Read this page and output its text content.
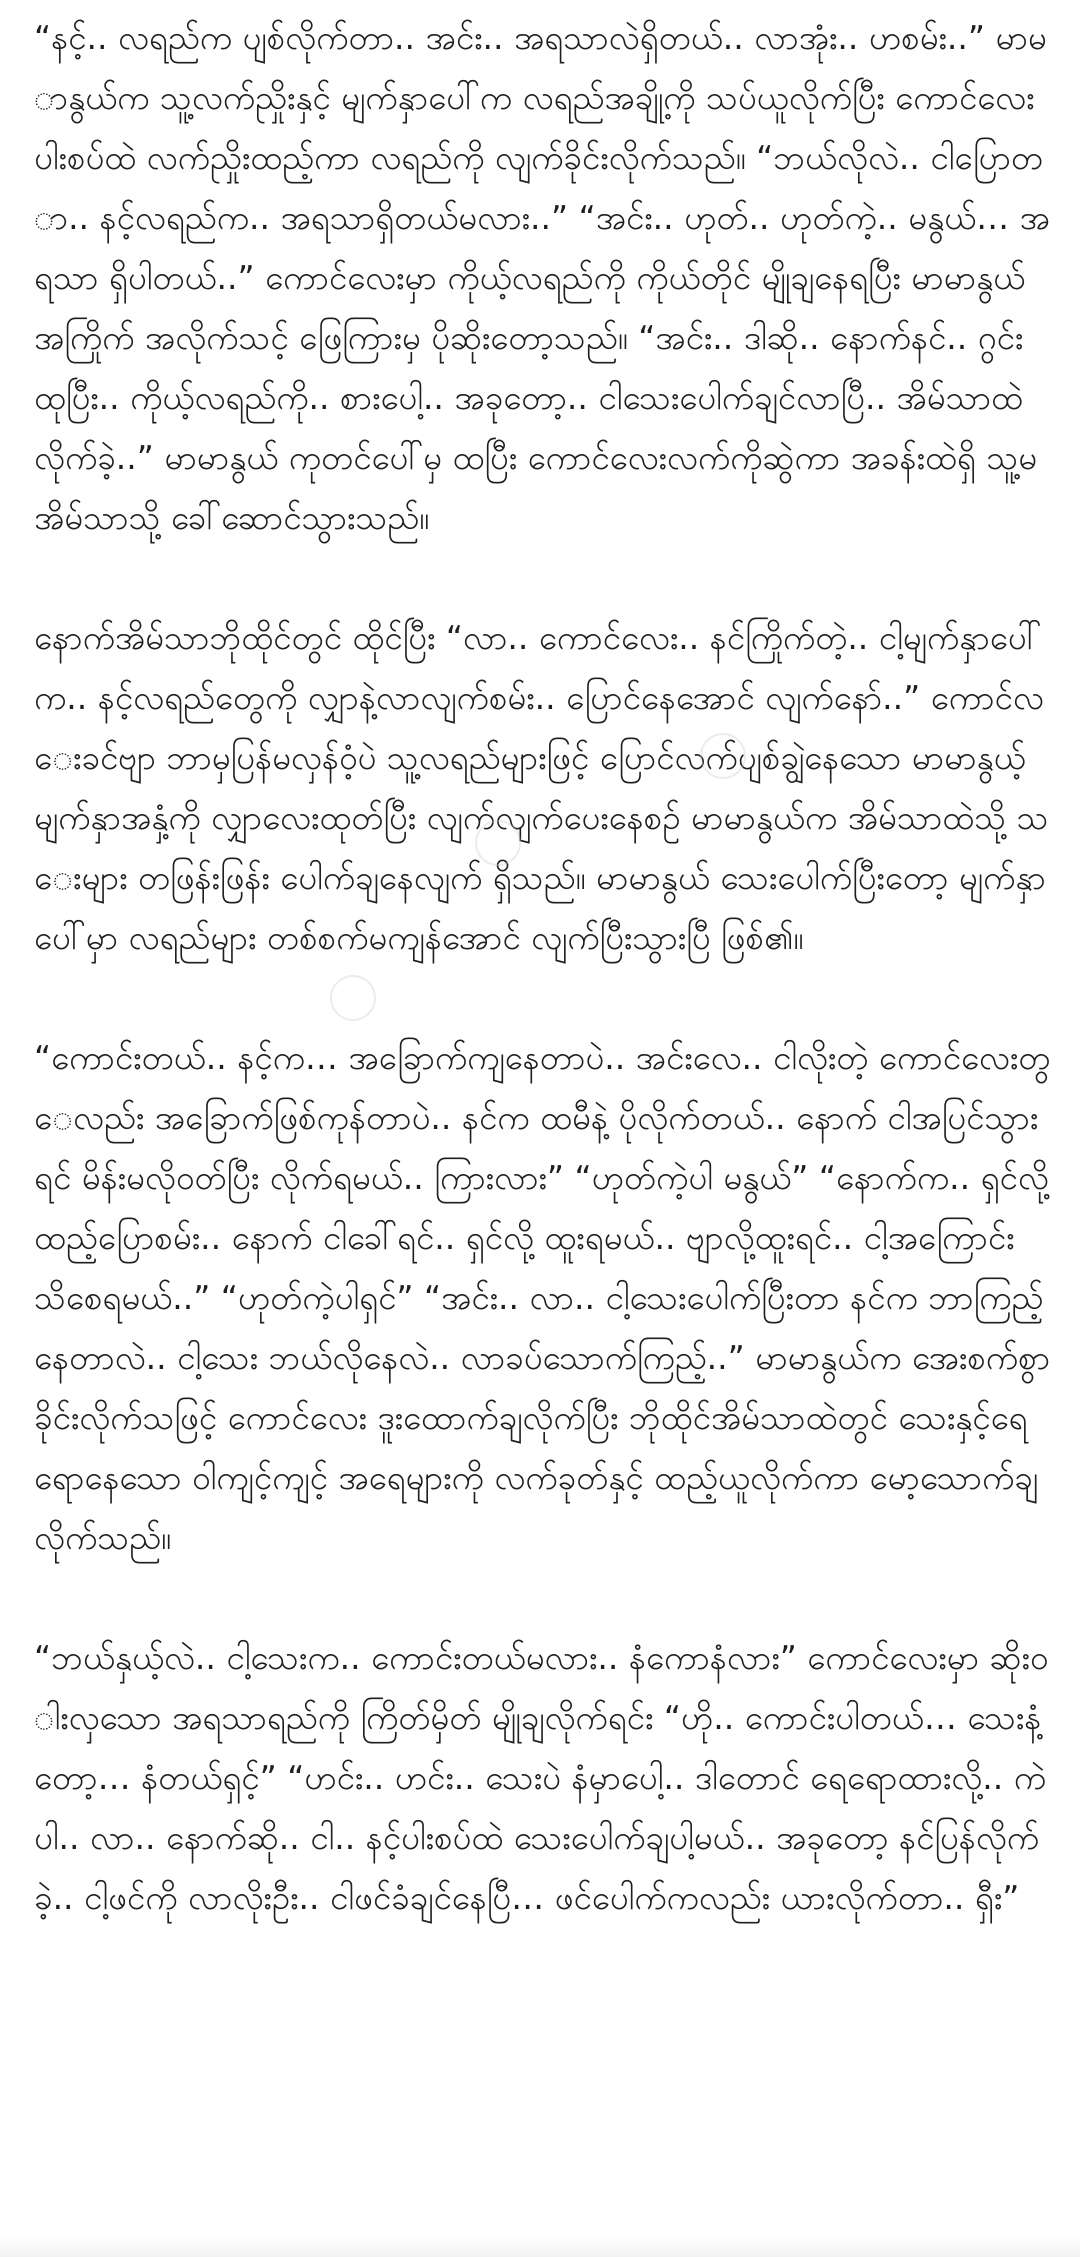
“နင့်.. လရည်က ပျစ်လိုက်တာ.. အင်း.. အရသာလဲရှိတယ်.. လာအုံး.. ဟစမ်း..” မာမာနွယ်က သူ့လက်ညှိုးနှင့် မျက်နှာပေါ်က လရည်အချို့ကို သပ်ယူလိုက်ပြီး ကောင်လေးပါးစပ်ထဲ လက်ညှိုးထည့်ကာ လရည်ကို လျက်ခိုင်းလိုက်သည်။ “ဘယ်လိုလဲ.. ငါပြောတာ.. နင့်လရည်က.. အရသာရှိတယ်မလား..” “အင်း.. ဟုတ်.. ဟုတ်ကဲ့.. မနွယ်… အရသာ ရှိပါတယ်..” ကောင်လေးမှာ ကိုယ့်လရည်ကို ကိုယ်တိုင် မျိုချနေရပြီး မာမာနွယ်အကြိုက် အလိုက်သင့် ဖြေကြားမှ ပိုဆိုးတော့သည်။ “အင်း.. ဒါဆို.. နောက်နင်.. ဂွင်းထုပြီး.. ကိုယ့်လရည်ကို.. စားပေါ့.. အခုတော့.. ငါသေးပေါက်ချင်လာပြီ.. အိမ်သာထဲလိုက်ခဲ့..” မာမာနွယ် ကုတင်ပေါ်မှ ထပြီး ကောင်လေးလက်ကိုဆွဲကာ အခန်းထဲရှိ သူ့မအိမ်သာသို့ ခေါ်ဆောင်သွားသည်။

နောက်အိမ်သာဘိုထိုင်တွင် ထိုင်ပြီး “လာ.. ကောင်လေး.. နင်ကြိုက်တဲ့.. ငါ့မျက်နှာပေါ်က.. နင့်လရည်တွေကို လျှာနဲ့လာလျက်စမ်း.. ပြောင်နေအောင် လျက်နော်..” ကောင်လေးခင်ဗျာ ဘာမှပြန်မလှန်ဝံ့ပဲ သူ့လရည်များဖြင့် ပြောင်လက်ပျစ်ချွဲနေသော မာမာနွယ့် မျက်နှာအနှံ့ကို လျှာလေးထုတ်ပြီး လျက်လျက်ပေးနေစဉ် မာမာနွယ်က အိမ်သာထဲသို့ သေးများ တဖြန်းဖြန်း ပေါက်ချနေလျက် ရှိသည်။ မာမာနွယ် သေးပေါက်ပြီးတော့ မျက်နှာပေါ်မှာ လရည်များ တစ်စက်မကျန်အောင် လျက်ပြီးသွားပြီ ဖြစ်၏။

“ကောင်းတယ်.. နင့်က… အခြောက်ကျနေတာပဲ.. အင်းလေ.. ငါလိုးတဲ့ ကောင်လေးတွေလည်း အခြောက်ဖြစ်ကုန်တာပဲ.. နင်က ထမီနဲ့ ပိုလိုက်တယ်.. နောက် ငါအပြင်သွားရင် မိန်းမလိုဝတ်ပြီး လိုက်ရမယ်.. ကြားလား” “ဟုတ်ကဲ့ပါ မနွယ်” “နောက်က.. ရှင်လို့ထည့်ပြောစမ်း.. နောက် ငါခေါ်ရင်.. ရှင်လို့ ထူးရမယ်.. ဗျာလို့ထူးရင်.. ငါ့အကြောင်း သိစေရမယ်..” “ဟုတ်ကဲ့ပါရှင်” “အင်း.. လာ.. ငါ့သေးပေါက်ပြီးတာ နင်က ဘာကြည့်နေတာလဲ.. ငါ့သေး ဘယ်လိုနေလဲ.. လာခပ်သောက်ကြည့်..” မာမာနွယ်က အေးစက်စွာ ခိုင်းလိုက်သဖြင့် ကောင်လေး ဒူးထောက်ချလိုက်ပြီး ဘိုထိုင်အိမ်သာထဲတွင် သေးနှင့်ရေ ရောနေသော ဝါကျင့်ကျင့် အရေများကို လက်ခုတ်နှင့် ထည့်ယူလိုက်ကာ မော့သောက်ချလိုက်သည်။

“ဘယ်နှယ့်လဲ.. ငါ့သေးက.. ကောင်းတယ်မလား.. နံကောနံလား” ကောင်လေးမှာ ဆိုးဝါးလှသော အရသာရည်ကို ကြိတ်မှိတ် မျိုချလိုက်ရင်း “ဟို.. ကောင်းပါတယ်… သေးနံ့တော့… နံတယ်ရှင့်” “ဟင်း.. ဟင်း.. သေးပဲ နံမှာပေါ့.. ဒါတောင် ရေရောထားလို့.. ကဲပါ.. လာ.. နောက်ဆို.. ငါ.. နင့်ပါးစပ်ထဲ သေးပေါက်ချပါ့မယ်.. အခုတော့ နင်ပြန်လိုက်ခဲ့.. ငါ့ဖင်ကို လာလိုးဦး.. ငါဖင်ခံချင်နေပြီ… ဖင်ပေါက်ကလည်း ယားလိုက်တာ.. ရှီး”
